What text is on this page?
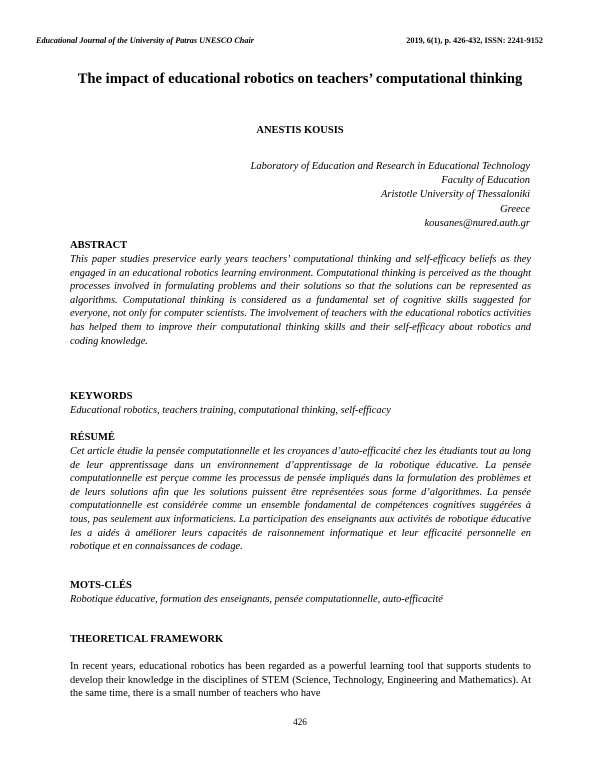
Educational Journal of the University of Patras UNESCO Chair	2019, 6(1), p. 426-432, ISSN: 2241-9152
The impact of educational robotics on teachers’ computational thinking
ANESTIS KOUSIS
Laboratory of Education and Research in Educational Technology
Faculty of Education
Aristotle University of Thessaloniki
Greece
kousanes@nured.auth.gr
ABSTRACT
This paper studies preservice early years teachers’ computational thinking and self-efficacy beliefs as they engaged in an educational robotics learning environment. Computational thinking is perceived as the thought processes involved in formulating problems and their solutions so that the solutions can be represented as algorithms. Computational thinking is considered as a fundamental set of cognitive skills suggested for everyone, not only for computer scientists. The involvement of teachers with the educational robotics activities has helped them to improve their computational thinking skills and their self-efficacy about robotics and coding knowledge.
KEYWORDS
Educational robotics, teachers training, computational thinking, self-efficacy
RÉSUMÉ
Cet article étudie la pensée computationnelle et les croyances d’auto-efficacité chez les étudiants tout au long de leur apprentissage dans un environnement d’apprentissage de la robotique éducative. La pensée computationnelle est perçue comme les processus de pensée impliqués dans la formulation des problèmes et de leurs solutions afin que les solutions puissent être représentées sous forme d’algorithmes. La pensée computationnelle est considérée comme un ensemble fondamental de compétences cognitives suggérées à tous, pas seulement aux informaticiens. La participation des enseignants aux activités de robotique éducative les a aidés à améliorer leurs capacités de raisonnement informatique et leur efficacité personnelle en robotique et en connaissances de codage.
MOTS-CLÉS
Robotique éducative, formation des enseignants, pensée computationnelle, auto-efficacité
THEORETICAL FRAMEWORK
In recent years, educational robotics has been regarded as a powerful learning tool that supports students to develop their knowledge in the disciplines of STEM (Science, Technology, Engineering and Mathematics). At the same time, there is a small number of teachers who have
426
